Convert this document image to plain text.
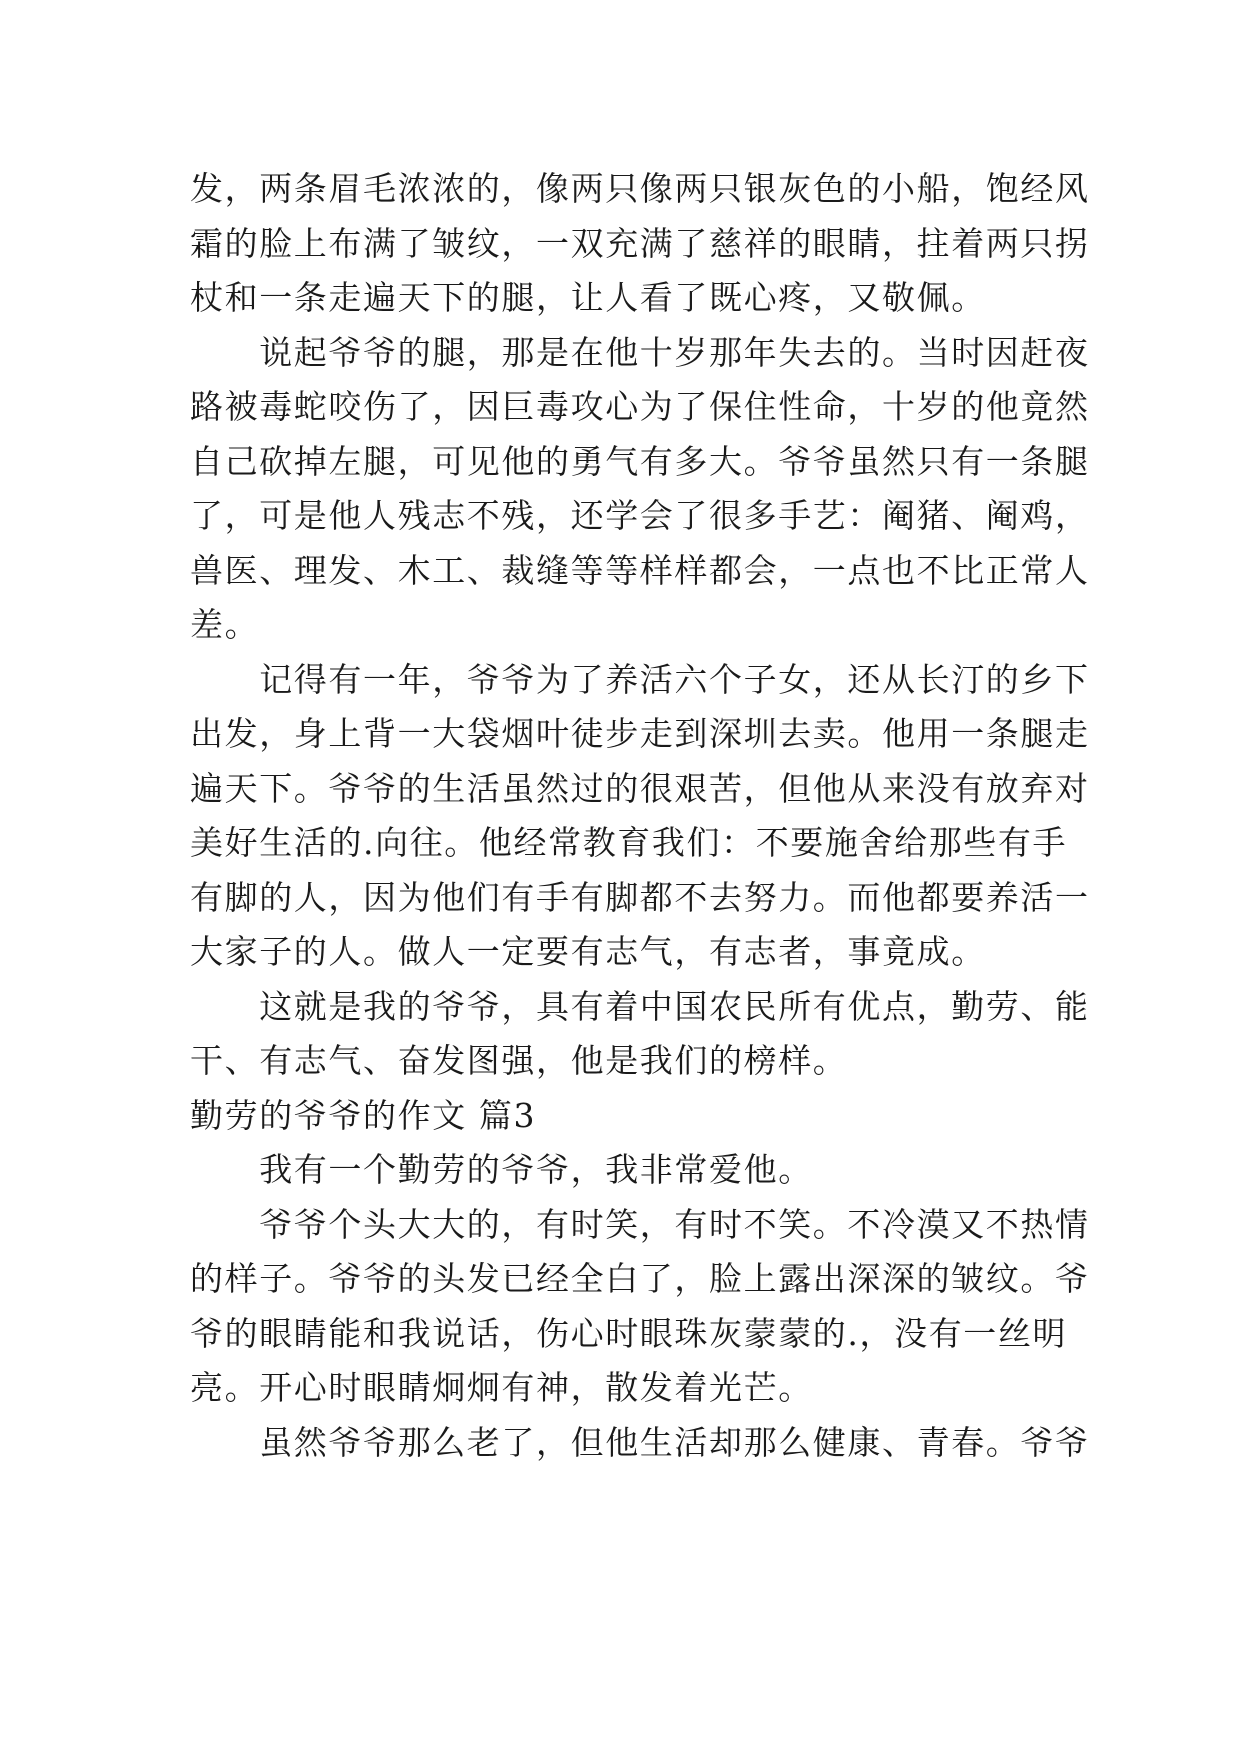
发，两条眉毛浓浓的，像两只像两只银灰色的小船，饱经风
霜的脸上布满了皱纹，一双充满了慈祥的眼睛，拄着两只拐
杖和一条走遍天下的腿，让人看了既心疼，又敬佩。
　　说起爷爷的腿，那是在他十岁那年失去的。当时因赶夜
路被毒蛇咬伤了，因巨毒攻心为了保住性命，十岁的他竟然
自己砍掉左腿，可见他的勇气有多大。爷爷虽然只有一条腿
了，可是他人残志不残，还学会了很多手艺：阉猪、阉鸡，
兽医、理发、木工、裁缝等等样样都会，一点也不比正常人
差。
　　记得有一年，爷爷为了养活六个子女，还从长汀的乡下
出发，身上背一大袋烟叶徒步走到深圳去卖。他用一条腿走
遍天下。爷爷的生活虽然过的很艰苦，但他从来没有放弃对
美好生活的.向往。他经常教育我们：不要施舍给那些有手
有脚的人，因为他们有手有脚都不去努力。而他都要养活一
大家子的人。做人一定要有志气，有志者，事竟成。
　　这就是我的爷爷，具有着中国农民所有优点，勤劳、能
干、有志气、奋发图强，他是我们的榜样。
勤劳的爷爷的作文 篇3
　　我有一个勤劳的爷爷，我非常爱他。
　　爷爷个头大大的，有时笑，有时不笑。不冷漠又不热情
的样子。爷爷的头发已经全白了，脸上露出深深的皱纹。爷
爷的眼睛能和我说话，伤心时眼珠灰蒙蒙的.，没有一丝明
亮。开心时眼睛炯炯有神，散发着光芒。
　　虽然爷爷那么老了，但他生活却那么健康、青春。爷爷
